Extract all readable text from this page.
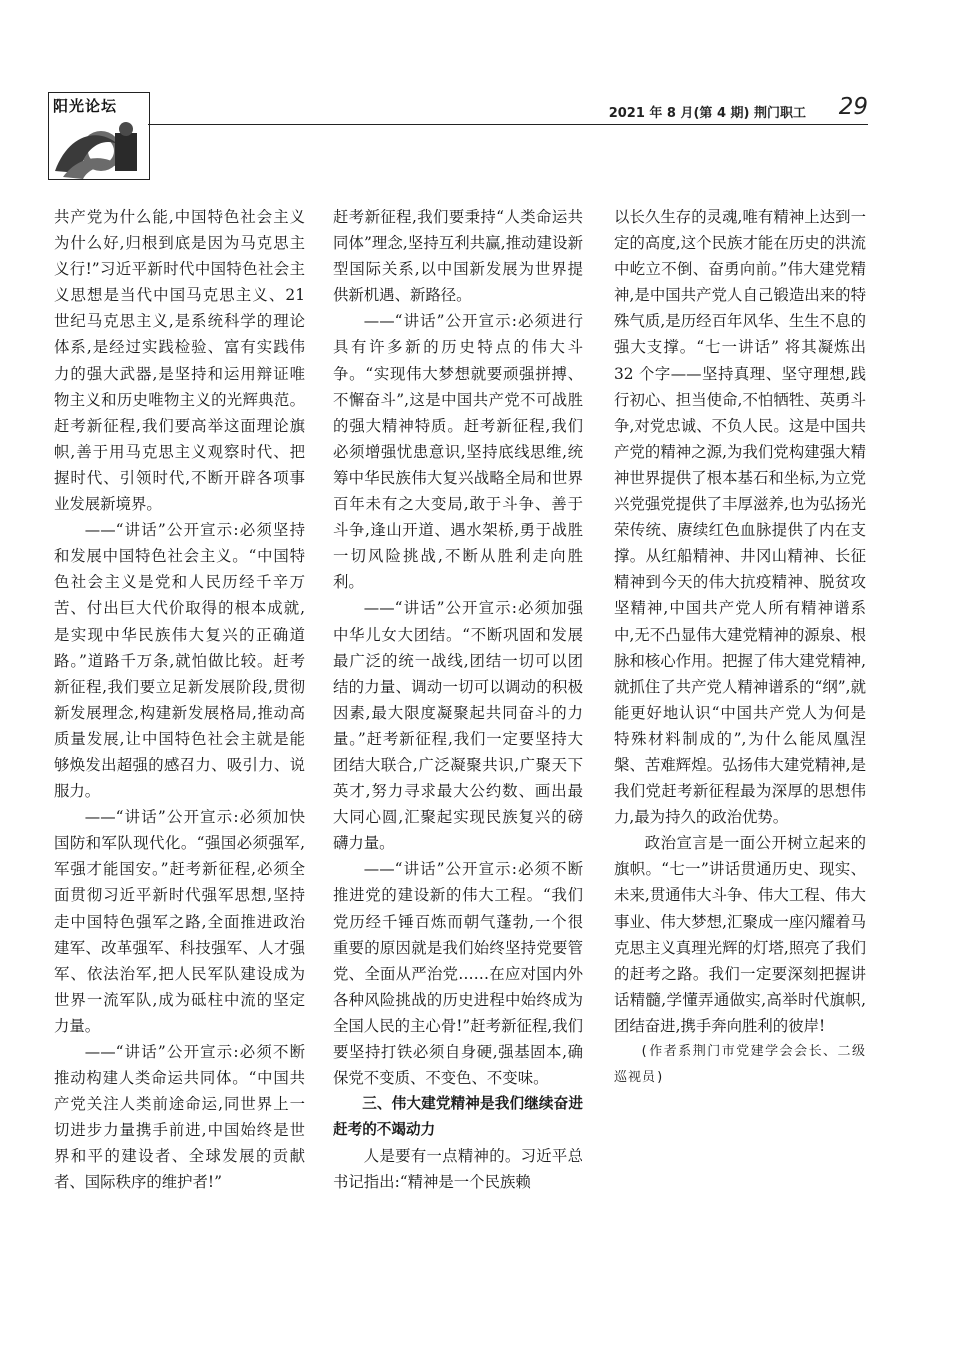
阳光论坛	2021 年 8 月(第 4 期) 荆门职工 29

共产党为什么能,中国特色社会主义为什么好,归根到底是因为马克思主义行!”习近平新时代中国特色社会主义思想是当代中国马克思主义、21 世纪马克思主义,是系统科学的理论体系,是经过实践检验、富有实践伟力的强大武器,是坚持和运用辩证唯物主义和历史唯物主义的光辉典范。赶考新征程,我们要高举这面理论旗帜,善于用马克思主义观察时代、把握时代、引领时代,不断开辟各项事业发展新境界。

——“讲话”公开宣示:必须坚持和发展中国特色社会主义。“中国特色社会主义是党和人民历经千辛万苦、付出巨大代价取得的根本成就,是实现中华民族伟大复兴的正确道路。”道路千万条,就怕做比较。赶考新征程,我们要立足新发展阶段,贯彻新发展理念,构建新发展格局,推动高质量发展,让中国特色社会主就是能够焕发出超强的感召力、吸引力、说服力。

——“讲话”公开宣示:必须加快国防和军队现代化。“强国必须强军,军强才能国安。”赶考新征程,必须全面贯彻习近平新时代强军思想,坚持走中国特色强军之路,全面推进政治建军、改革强军、科技强军、人才强军、依法治军,把人民军队建设成为世界一流军队,成为砥柱中流的坚定力量。

——“讲话”公开宣示:必须不断推动构建人类命运共同体。“中国共产党关注人类前途命运,同世界上一切进步力量携手前进,中国始终是世界和平的建设者、全球发展的贡献者、国际秩序的维护者!”

赶考新征程,我们要秉持“人类命运共同体”理念,坚持互利共赢,推动建设新型国际关系,以中国新发展为世界提供新机遇、新路径。

——“讲话”公开宣示:必须进行具有许多新的历史特点的伟大斗争。“实现伟大梦想就要顽强拼搏、不懈奋斗”,这是中国共产党不可战胜的强大精神特质。赶考新征程,我们必须增强忧患意识,坚持底线思维,统筹中华民族伟大复兴战略全局和世界百年未有之大变局,敢于斗争、善于斗争,逢山开道、遇水架桥,勇于战胜一切风险挑战,不断从胜利走向胜利。

——“讲话”公开宣示:必须加强中华儿女大团结。“不断巩固和发展最广泛的统一战线,团结一切可以团结的力量、调动一切可以调动的积极因素,最大限度凝聚起共同奋斗的力量。”赶考新征程,我们一定要坚持大团结大联合,广泛凝聚共识,广聚天下英才,努力寻求最大公约数、画出最大同心圆,汇聚起实现民族复兴的磅礴力量。

——“讲话”公开宣示:必须不断推进党的建设新的伟大工程。“我们党历经千锤百炼而朝气蓬勃,一个很重要的原因就是我们始终坚持党要管党、全面从严治党……在应对国内外各种风险挑战的历史进程中始终成为全国人民的主心骨!”赶考新征程,我们要坚持打铁必须自身硬,强基固本,确保党不变质、不变色、不变味。

三、伟大建党精神是我们继续奋进赶考的不竭动力

人是要有一点精神的。习近平总书记指出:“精神是一个民族赖

以长久生存的灵魂,唯有精神上达到一定的高度,这个民族才能在历史的洪流中屹立不倒、奋勇向前。”伟大建党精神,是中国共产党人自己锻造出来的特殊气质,是历经百年风华、生生不息的强大支撑。“七一讲话” 将其凝炼出 32 个字——坚持真理、坚守理想,践行初心、担当使命,不怕牺牲、英勇斗争,对党忠诚、不负人民。这是中国共产党的精神之源,为我们党构建强大精神世界提供了根本基石和坐标,为立党兴党强党提供了丰厚滋养,也为弘扬光荣传统、赓续红色血脉提供了内在支撑。从红船精神、井冈山精神、长征精神到今天的伟大抗疫精神、脱贫攻坚精神,中国共产党人所有精神谱系中,无不凸显伟大建党精神的源泉、根脉和核心作用。把握了伟大建党精神,就抓住了共产党人精神谱系的“纲”,就能更好地认识“中国共产党人为何是特殊材料制成的”,为什么能凤凰涅槃、苦难辉煌。弘扬伟大建党精神,是我们党赶考新征程最为深厚的思想伟力,最为持久的政治优势。

政治宣言是一面公开树立起来的旗帜。“七一”讲话贯通历史、现实、未来,贯通伟大斗争、伟大工程、伟大事业、伟大梦想,汇聚成一座闪耀着马克思主义真理光辉的灯塔,照亮了我们的赶考之路。我们一定要深刻把握讲话精髓,学懂弄通做实,高举时代旗帜,团结奋进,携手奔向胜利的彼岸!

(作者系荆门市党建学会会长、二级巡视员)
